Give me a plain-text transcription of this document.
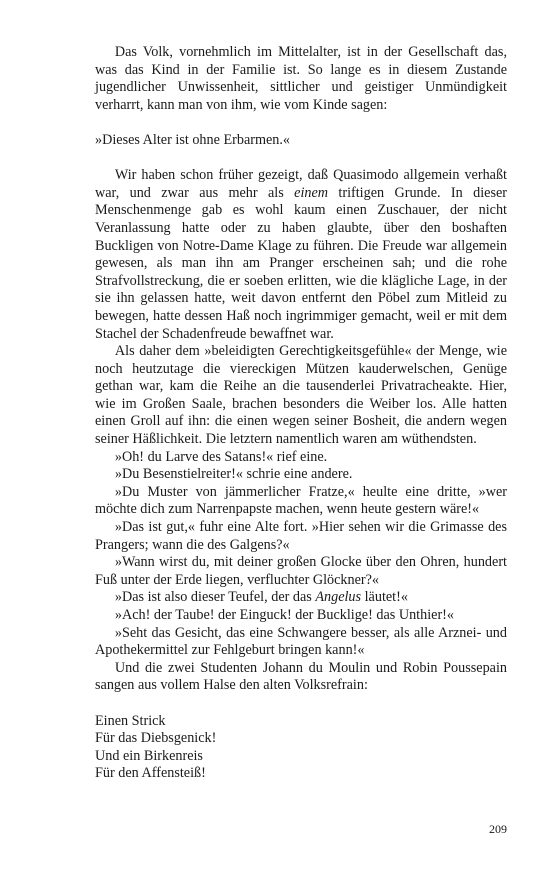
Das Volk, vornehmlich im Mittelalter, ist in der Gesellschaft das, was das Kind in der Familie ist. So lange es in diesem Zustande jugendlicher Unwissenheit, sittlicher und geistiger Unmündigkeit verharrt, kann man von ihm, wie vom Kinde sagen:

»Dieses Alter ist ohne Erbarmen.«

Wir haben schon früher gezeigt, daß Quasimodo allgemein verhaßt war, und zwar aus mehr als einem triftigen Grunde. In dieser Menschenmenge gab es wohl kaum einen Zuschauer, der nicht Veranlassung hatte oder zu haben glaubte, über den boshaften Buckligen von Notre-Dame Klage zu führen. Die Freude war allgemein gewesen, als man ihn am Pranger erscheinen sah; und die rohe Strafvollstreckung, die er soeben erlitten, wie die klägliche Lage, in der sie ihn gelassen hatte, weit davon entfernt den Pöbel zum Mitleid zu bewegen, hatte dessen Haß noch ingrimmiger gemacht, weil er mit dem Stachel der Schadenfreude bewaffnet war.

Als daher dem »beleidigten Gerechtigkeitsgefühle« der Menge, wie noch heutzutage die viereckigen Mützen kauderwelschen, Genüge gethan war, kam die Reihe an die tausenderlei Privatracheakte. Hier, wie im Großen Saale, brachen besonders die Weiber los. Alle hatten einen Groll auf ihn: die einen wegen seiner Bosheit, die andern wegen seiner Häßlichkeit. Die letztern namentlich waren am wüthendsten.

»Oh! du Larve des Satans!« rief eine.

»Du Besenstielreiter!« schrie eine andere.

»Du Muster von jämmerlicher Fratze,« heulte eine dritte, »wer möchte dich zum Narrenpapste machen, wenn heute gestern wäre!«

»Das ist gut,« fuhr eine Alte fort. »Hier sehen wir die Grimasse des Prangers; wann die des Galgens?«

»Wann wirst du, mit deiner großen Glocke über den Ohren, hundert Fuß unter der Erde liegen, verfluchter Glöckner?«

»Das ist also dieser Teufel, der das Angelus läutet!«

»Ach! der Taube! der Einguck! der Bucklige! das Unthier!«

»Seht das Gesicht, das eine Schwangere besser, als alle Arznei- und Apothekermittel zur Fehlgeburt bringen kann!«

Und die zwei Studenten Johann du Moulin und Robin Poussepain sangen aus vollem Halse den alten Volksrefrain:

Einen Strick
Für das Diebsgenick!
Und ein Birkenreis
Für den Affensteiß!
209
